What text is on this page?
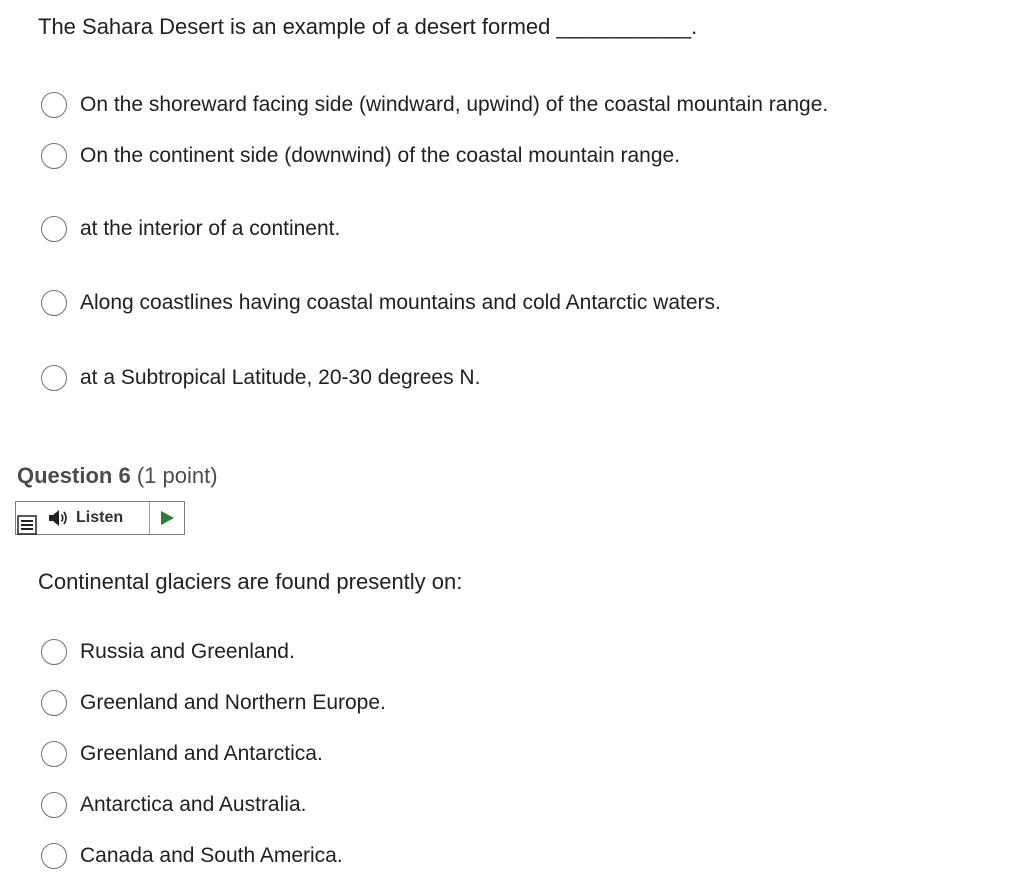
The Sahara Desert is an example of a desert formed ___________.
On the shoreward facing side (windward, upwind) of the coastal mountain range.
On the continent side (downwind) of the coastal mountain range.
at the interior of a continent.
Along coastlines having coastal mountains and cold Antarctic waters.
at a Subtropical Latitude, 20-30 degrees N.
Question 6 (1 point)
Listen
Continental glaciers are found presently on:
Russia and Greenland.
Greenland and Northern Europe.
Greenland and Antarctica.
Antarctica and Australia.
Canada and South America.
